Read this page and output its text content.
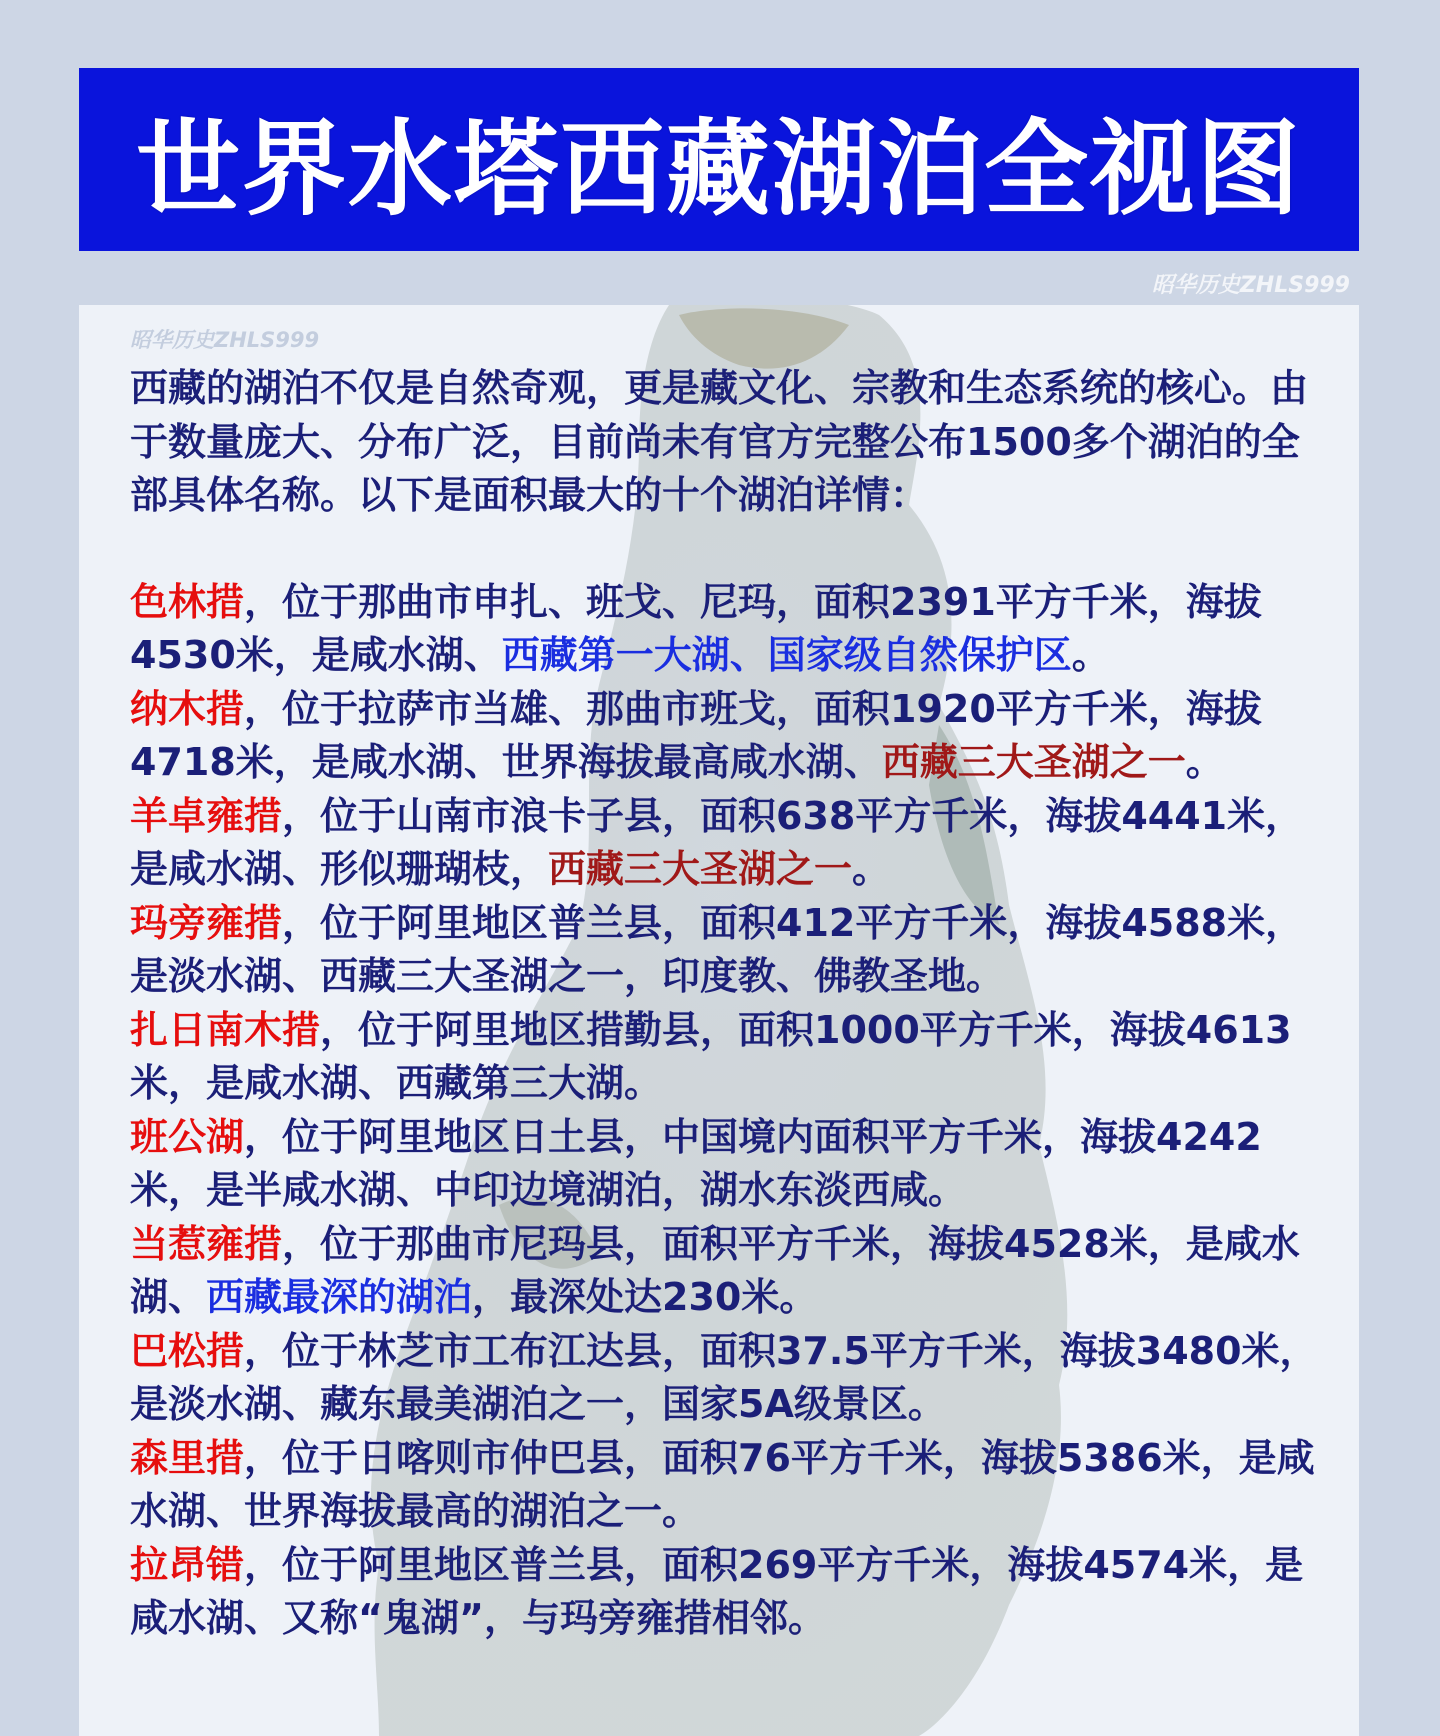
世界水塔西藏湖泊全视图
昭华历史ZHLS999
昭华历史ZHLS999

西藏的湖泊不仅是自然奇观，更是藏文化、宗教和生态系统的核心。由于数量庞大、分布广泛，目前尚未有官方完整公布1500多个湖泊的全部具体名称。以下是面积最大的十个湖泊详情：

色林措，位于那曲市申扎、班戈、尼玛，面积2391平方千米，海拔4530米，是咸水湖、西藏第一大湖、国家级自然保护区。

纳木措，位于拉萨市当雄、那曲市班戈，面积1920平方千米，海拔4718米，是咸水湖、世界海拔最高咸水湖、西藏三大圣湖之一。

羊卓雍措，位于山南市浪卡子县，面积638平方千米，海拔4441米，是咸水湖、形似珊瑚枝，西藏三大圣湖之一。

玛旁雍措，位于阿里地区普兰县，面积412平方千米，海拔4588米，是淡水湖、西藏三大圣湖之一，印度教、佛教圣地。

扎日南木措，位于阿里地区措勤县，面积1000平方千米，海拔4613米，是咸水湖、西藏第三大湖。

班公湖，位于阿里地区日土县，中国境内面积平方千米，海拔4242米，是半咸水湖、中印边境湖泊，湖水东淡西咸。

当惹雍措，位于那曲市尼玛县，面积平方千米，海拔4528米，是咸水湖、西藏最深的湖泊，最深处达230米。

巴松措，位于林芝市工布江达县，面积37.5平方千米，海拔3480米，是淡水湖、藏东最美湖泊之一，国家5A级景区。

森里措，位于日喀则市仲巴县，面积76平方千米，海拔5386米，是咸水湖、世界海拔最高的湖泊之一。

拉昂错，位于阿里地区普兰县，面积269平方千米，海拔4574米，是咸水湖、又称“鬼湖”，与玛旁雍措相邻。
